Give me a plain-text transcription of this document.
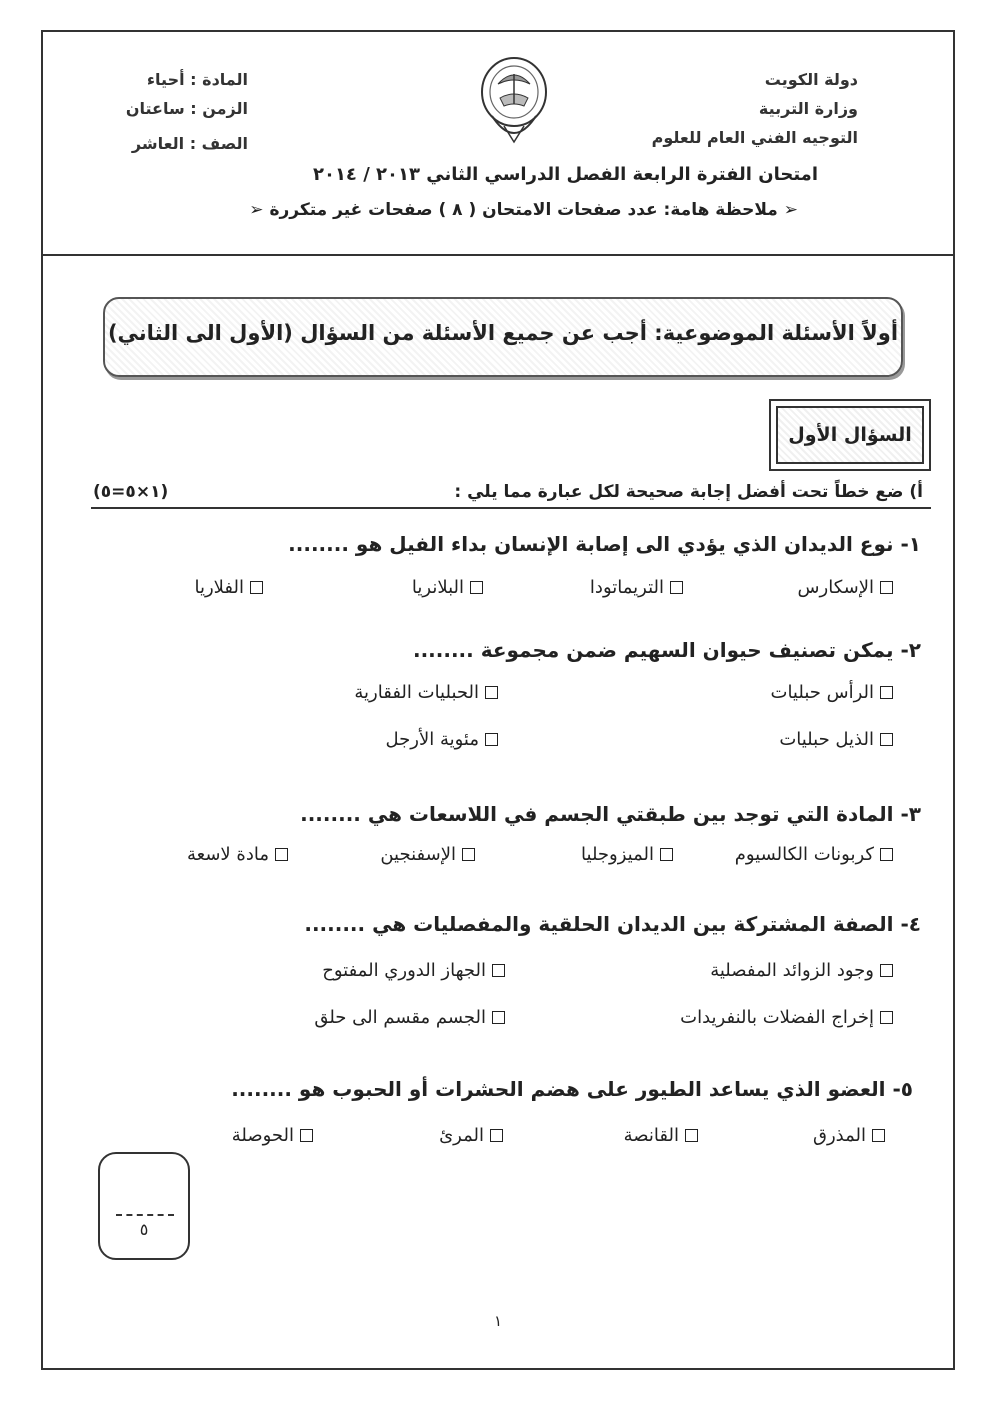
دولة الكويت
وزارة التربية
التوجيه الفني العام للعلوم
المادة : أحياء
الزمن : ساعتان
الصف : العاشر
امتحان الفترة الرابعة الفصل الدراسي الثاني ٢٠١٣ / ٢٠١٤
➢ ملاحظة هامة: عدد صفحات الامتحان ( ٨ ) صفحات غير متكررة ➢
أولاً الأسئلة الموضوعية: أجب عن جميع الأسئلة من السؤال (الأول الى الثاني)
السؤال الأول
أ) ضع خطاً تحت أفضل إجابة صحيحة لكل عبارة مما يلي :
(١×٥=٥)
١- نوع الديدان الذي يؤدي الى إصابة الإنسان بداء الفيل هو ........
الإسكارس
التريماتودا
البلانريا
الفلاريا
٢- يمكن تصنيف حيوان السهيم ضمن مجموعة ........
الرأس حبليات
الحبليات الفقارية
الذيل حبليات
مئوية الأرجل
٣- المادة التي توجد بين طبقتي الجسم في اللاسعات هي ........
كربونات الكالسيوم
الميزوجليا
الإسفنجين
مادة لاسعة
٤- الصفة المشتركة بين الديدان الحلقية والمفصليات هي ........
وجود الزوائد المفصلية
الجهاز الدوري المفتوح
إخراج الفضلات بالنفريدات
الجسم مقسم الى حلق
٥- العضو الذي يساعد الطيور على هضم الحشرات أو الحبوب هو ........
المذرق
القانصة
المرئ
الحوصلة
٥
١
